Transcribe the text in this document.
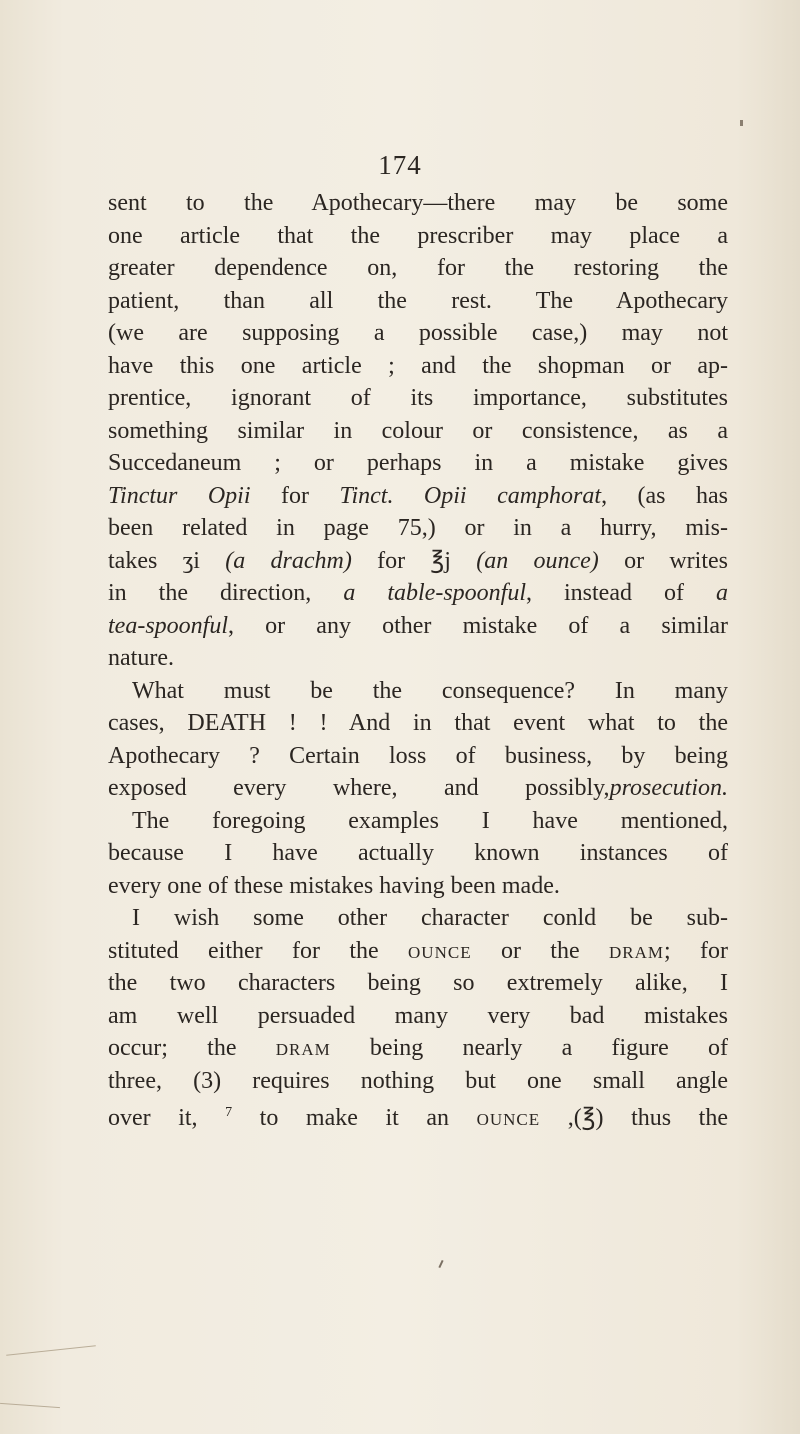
174
sent to the Apothecary—there may be some
one article that the prescriber may place a
greater dependence on, for the restoring the
patient, than all the rest. The Apothecary
(we are supposing a possible case,) may not
have this one article ; and the shopman or ap-
prentice, ignorant of its importance, substitutes
something similar in colour or consistence, as a
Succedaneum ; or perhaps in a mistake gives
Tinctur Opii for Tinct. Opii camphorat, (as has
been related in page 75,) or in a hurry, mis-
takes ʒi (a drachm) for ℥j (an ounce) or writes
in the direction, a table-spoonful, instead of a
tea-spoonful, or any other mistake of a similar
nature.
What must be the consequence? In many
cases, DEATH ! ! And in that event what to the
Apothecary ? Certain loss of business, by being
exposed every where, and possibly,prosecution.
The foregoing examples I have mentioned,
because I have actually known instances of
every one of these mistakes having been made.
I wish some other character conld be sub-
stituted either for the ounce or the dram; for
the two characters being so extremely alike, I
am well persuaded many very bad mistakes
occur; the dram being nearly a figure of
three, (3) requires nothing but one small angle
over it, $^7$ to make it an ounce ,(℥) thus the
